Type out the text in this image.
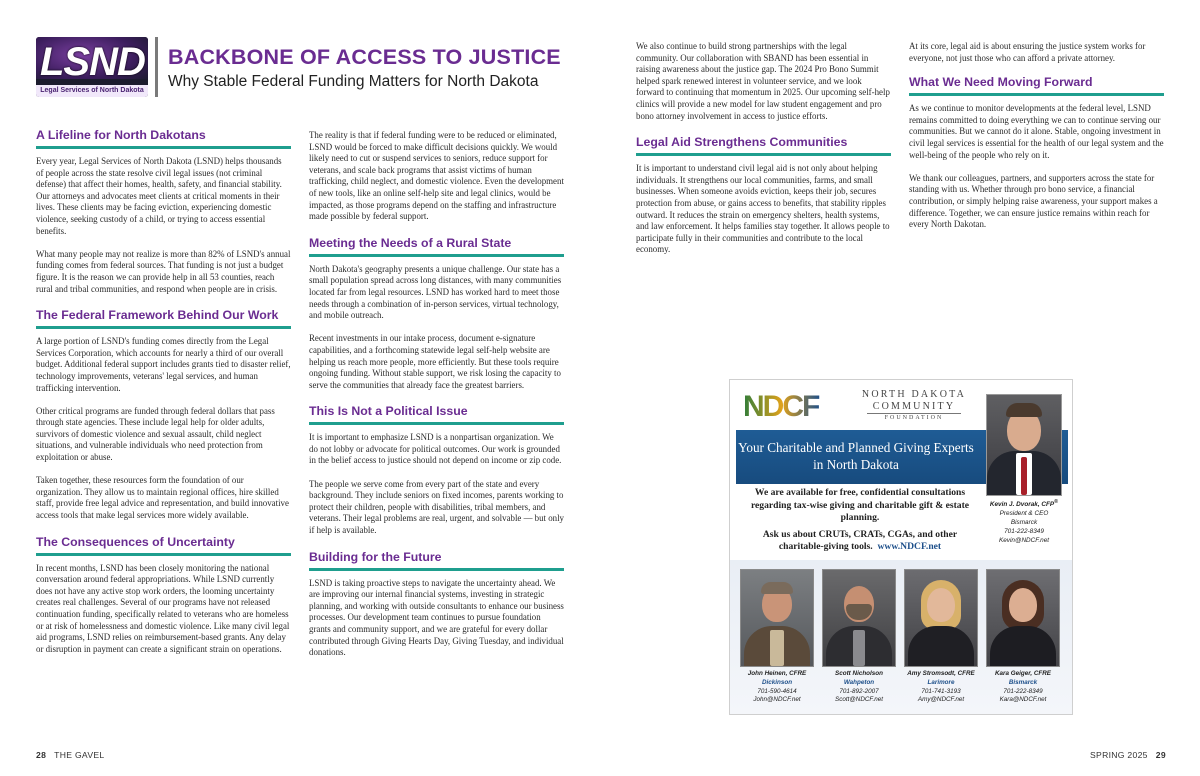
LSND
Legal Services of North Dakota
BACKBONE OF ACCESS TO JUSTICE
Why Stable Federal Funding Matters for North Dakota
A Lifeline for North Dakotans

Every year, Legal Services of North Dakota (LSND) helps thousands of people across the state resolve civil legal issues (not criminal defense) that affect their homes, health, safety, and financial stability. Our attorneys and advocates meet clients at critical moments in their lives. These clients may be facing eviction, experiencing domestic violence, seeking custody of a child, or trying to access essential benefits.

What many people may not realize is more than 82% of LSND's annual funding comes from federal sources. That funding is not just a budget figure. It is the reason we can provide help in all 53 counties, reach rural and tribal communities, and respond when people are in crisis.

The Federal Framework Behind Our Work

A large portion of LSND's funding comes directly from the Legal Services Corporation, which accounts for nearly a third of our overall budget. Additional federal support includes grants tied to disaster relief, technology improvements, veterans' legal services, and human trafficking intervention.

Other critical programs are funded through federal dollars that pass through state agencies. These include legal help for older adults, survivors of domestic violence and sexual assault, child neglect situations, and vulnerable individuals who need protection from exploitation or abuse.

Taken together, these resources form the foundation of our organization. They allow us to maintain regional offices, hire skilled staff, provide free legal advice and representation, and build innovative access tools that make legal services more widely available.

The Consequences of Uncertainty

In recent months, LSND has been closely monitoring the national conversation around federal appropriations. While LSND currently does not have any active stop work orders, the looming uncertainty creates real challenges. Several of our programs have not released continuation funding, specifically related to veterans who are homeless or at risk of homelessness and domestic violence. Like many civil legal aid programs, LSND relies on reimbursement-based grants. Any delay or disruption in payment can create a significant strain on operations.

The reality is that if federal funding were to be reduced or eliminated, LSND would be forced to make difficult decisions quickly. We would likely need to cut or suspend services to seniors, reduce support for veterans, and scale back programs that assist victims of human trafficking, child neglect, and domestic violence. Even the development of new tools, like an online self-help site and legal clinics, would be impacted, as those programs depend on the staffing and infrastructure made possible by federal support.

Meeting the Needs of a Rural State

North Dakota's geography presents a unique challenge. Our state has a small population spread across long distances, with many communities located far from legal resources. LSND has worked hard to meet those needs through a combination of in-person services, virtual technology, and mobile outreach.

Recent investments in our intake process, document e-signature capabilities, and a forthcoming statewide legal self-help website are helping us reach more people, more efficiently. But these tools require ongoing funding. Without stable support, we risk losing the capacity to serve the communities that already face the greatest barriers.

This Is Not a Political Issue

It is important to emphasize LSND is a nonpartisan organization. We do not lobby or advocate for political outcomes. Our work is grounded in the belief access to justice should not depend on income or zip code.

The people we serve come from every part of the state and every background. They include seniors on fixed incomes, parents working to protect their children, people with disabilities, tribal members, and veterans. Their legal problems are real, urgent, and solvable — but only if help is available.

Building for the Future

LSND is taking proactive steps to navigate the uncertainty ahead. We are improving our internal financial systems, investing in strategic planning, and working with outside consultants to enhance our business processes. Our development team continues to pursue foundation grants and community support, and we are grateful for every dollar contributed through Giving Hearts Day, Giving Tuesday, and individual donations.

We also continue to build strong partnerships with the legal community. Our collaboration with SBAND has been essential in raising awareness about the justice gap. The 2024 Pro Bono Summit helped spark renewed interest in volunteer service, and we look forward to continuing that momentum in 2025. Our upcoming self-help clinics will provide a new model for law student engagement and pro bono attorney involvement in access to justice efforts.

Legal Aid Strengthens Communities

It is important to understand civil legal aid is not only about helping individuals. It strengthens our local communities, farms, and small businesses. When someone avoids eviction, keeps their job, secures protection from abuse, or gains access to benefits, that stability ripples outward. It reduces the strain on emergency shelters, health systems, and law enforcement. It helps families stay together. It allows people to participate fully in their communities and contribute to the local economy.

At its core, legal aid is about ensuring the justice system works for everyone, not just those who can afford a private attorney.

What We Need Moving Forward

As we continue to monitor developments at the federal level, LSND remains committed to doing everything we can to continue serving our communities. But we cannot do it alone. Stable, ongoing investment in civil legal services is essential for the health of our legal system and the well-being of the people who rely on it.

We thank our colleagues, partners, and supporters across the state for standing with us. Whether through pro bono service, a financial contribution, or simply helping raise awareness, your support makes a difference. Together, we can ensure justice remains within reach for every North Dakotan.

NDCF	NORTH DAKOTA
COMMUNITY
FOUNDATION
Your Charitable and Planned Giving Experts in North Dakota
Kevin J. Dvorak, CFP®
President & CEO
Bismarck
701-222-8349
Kevin@NDCF.net

We are available for free, confidential consultations regarding tax-wise giving and charitable gift & estate planning.

Ask us about CRUTs, CRATs, CGAs, and other charitable-giving tools. www.NDCF.net

John Heinen, CFRE
Dickinson
701-590-4614
John@NDCF.net
Scott Nicholson
Wahpeton
701-892-2007
Scott@NDCF.net
Amy Stromsodt, CFRE
Larimore
701-741-3193
Amy@NDCF.net
Kara Geiger, CFRE
Bismarck
701-222-8349
Kara@NDCF.net
28 THE GAVEL	SPRING 2025 29
